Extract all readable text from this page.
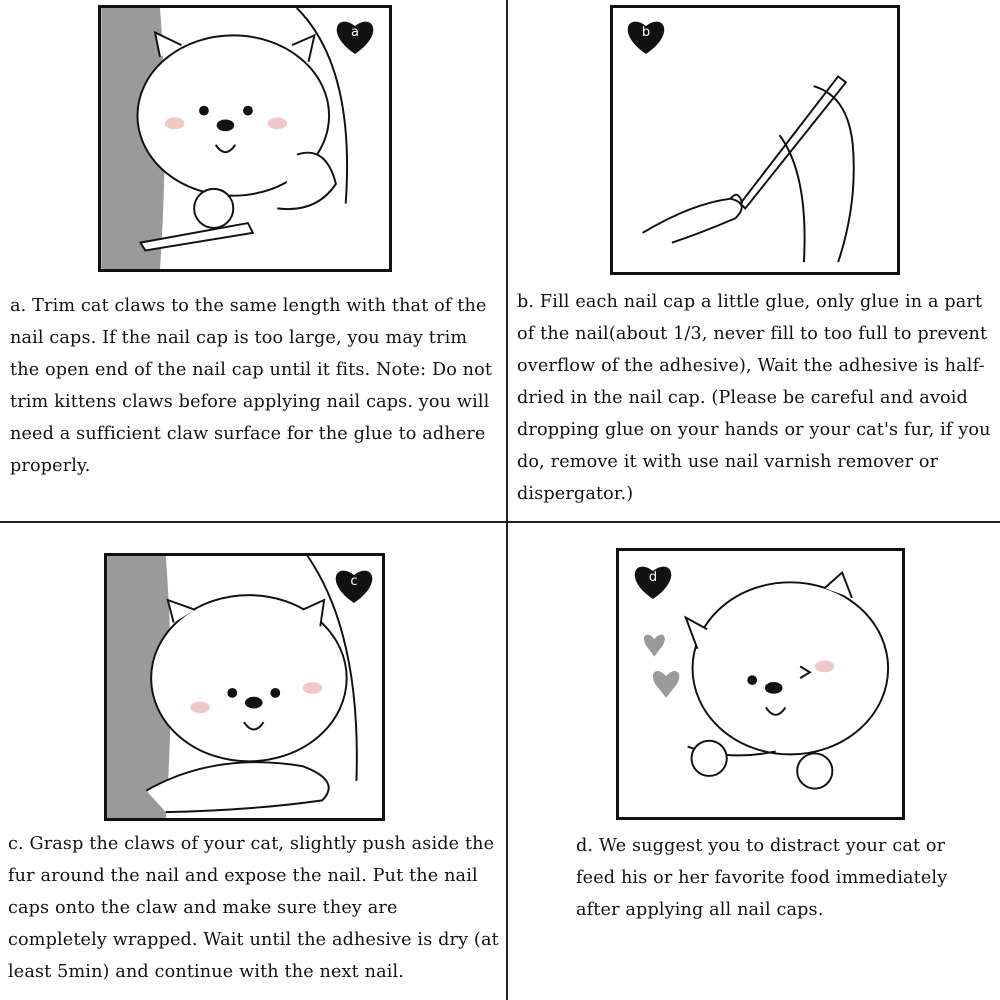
a

a. Trim cat claws to the same length with that of the nail caps. If the nail cap is too large, you may trim the open end of the nail cap until it fits. Note: Do not trim kittens claws before applying nail caps. you will need a sufficient claw surface for the glue to adhere properly.

b

b. Fill each nail cap a little glue, only glue in a part of the nail(about 1/3, never fill to too full to prevent overflow of the adhesive), Wait the adhesive is half-dried in the nail cap. (Please be careful and avoid dropping glue on your hands or your cat's fur, if you do, remove it with use nail varnish remover or dispergator.)

c

c. Grasp the claws of your cat, slightly push aside the fur around the nail and expose the nail. Put the nail caps onto the claw and make sure they are completely wrapped. Wait until the adhesive is dry (at least 5min) and continue with the next nail.

d

d. We suggest you to distract your cat or feed his or her favorite food immediately after applying all nail caps.
